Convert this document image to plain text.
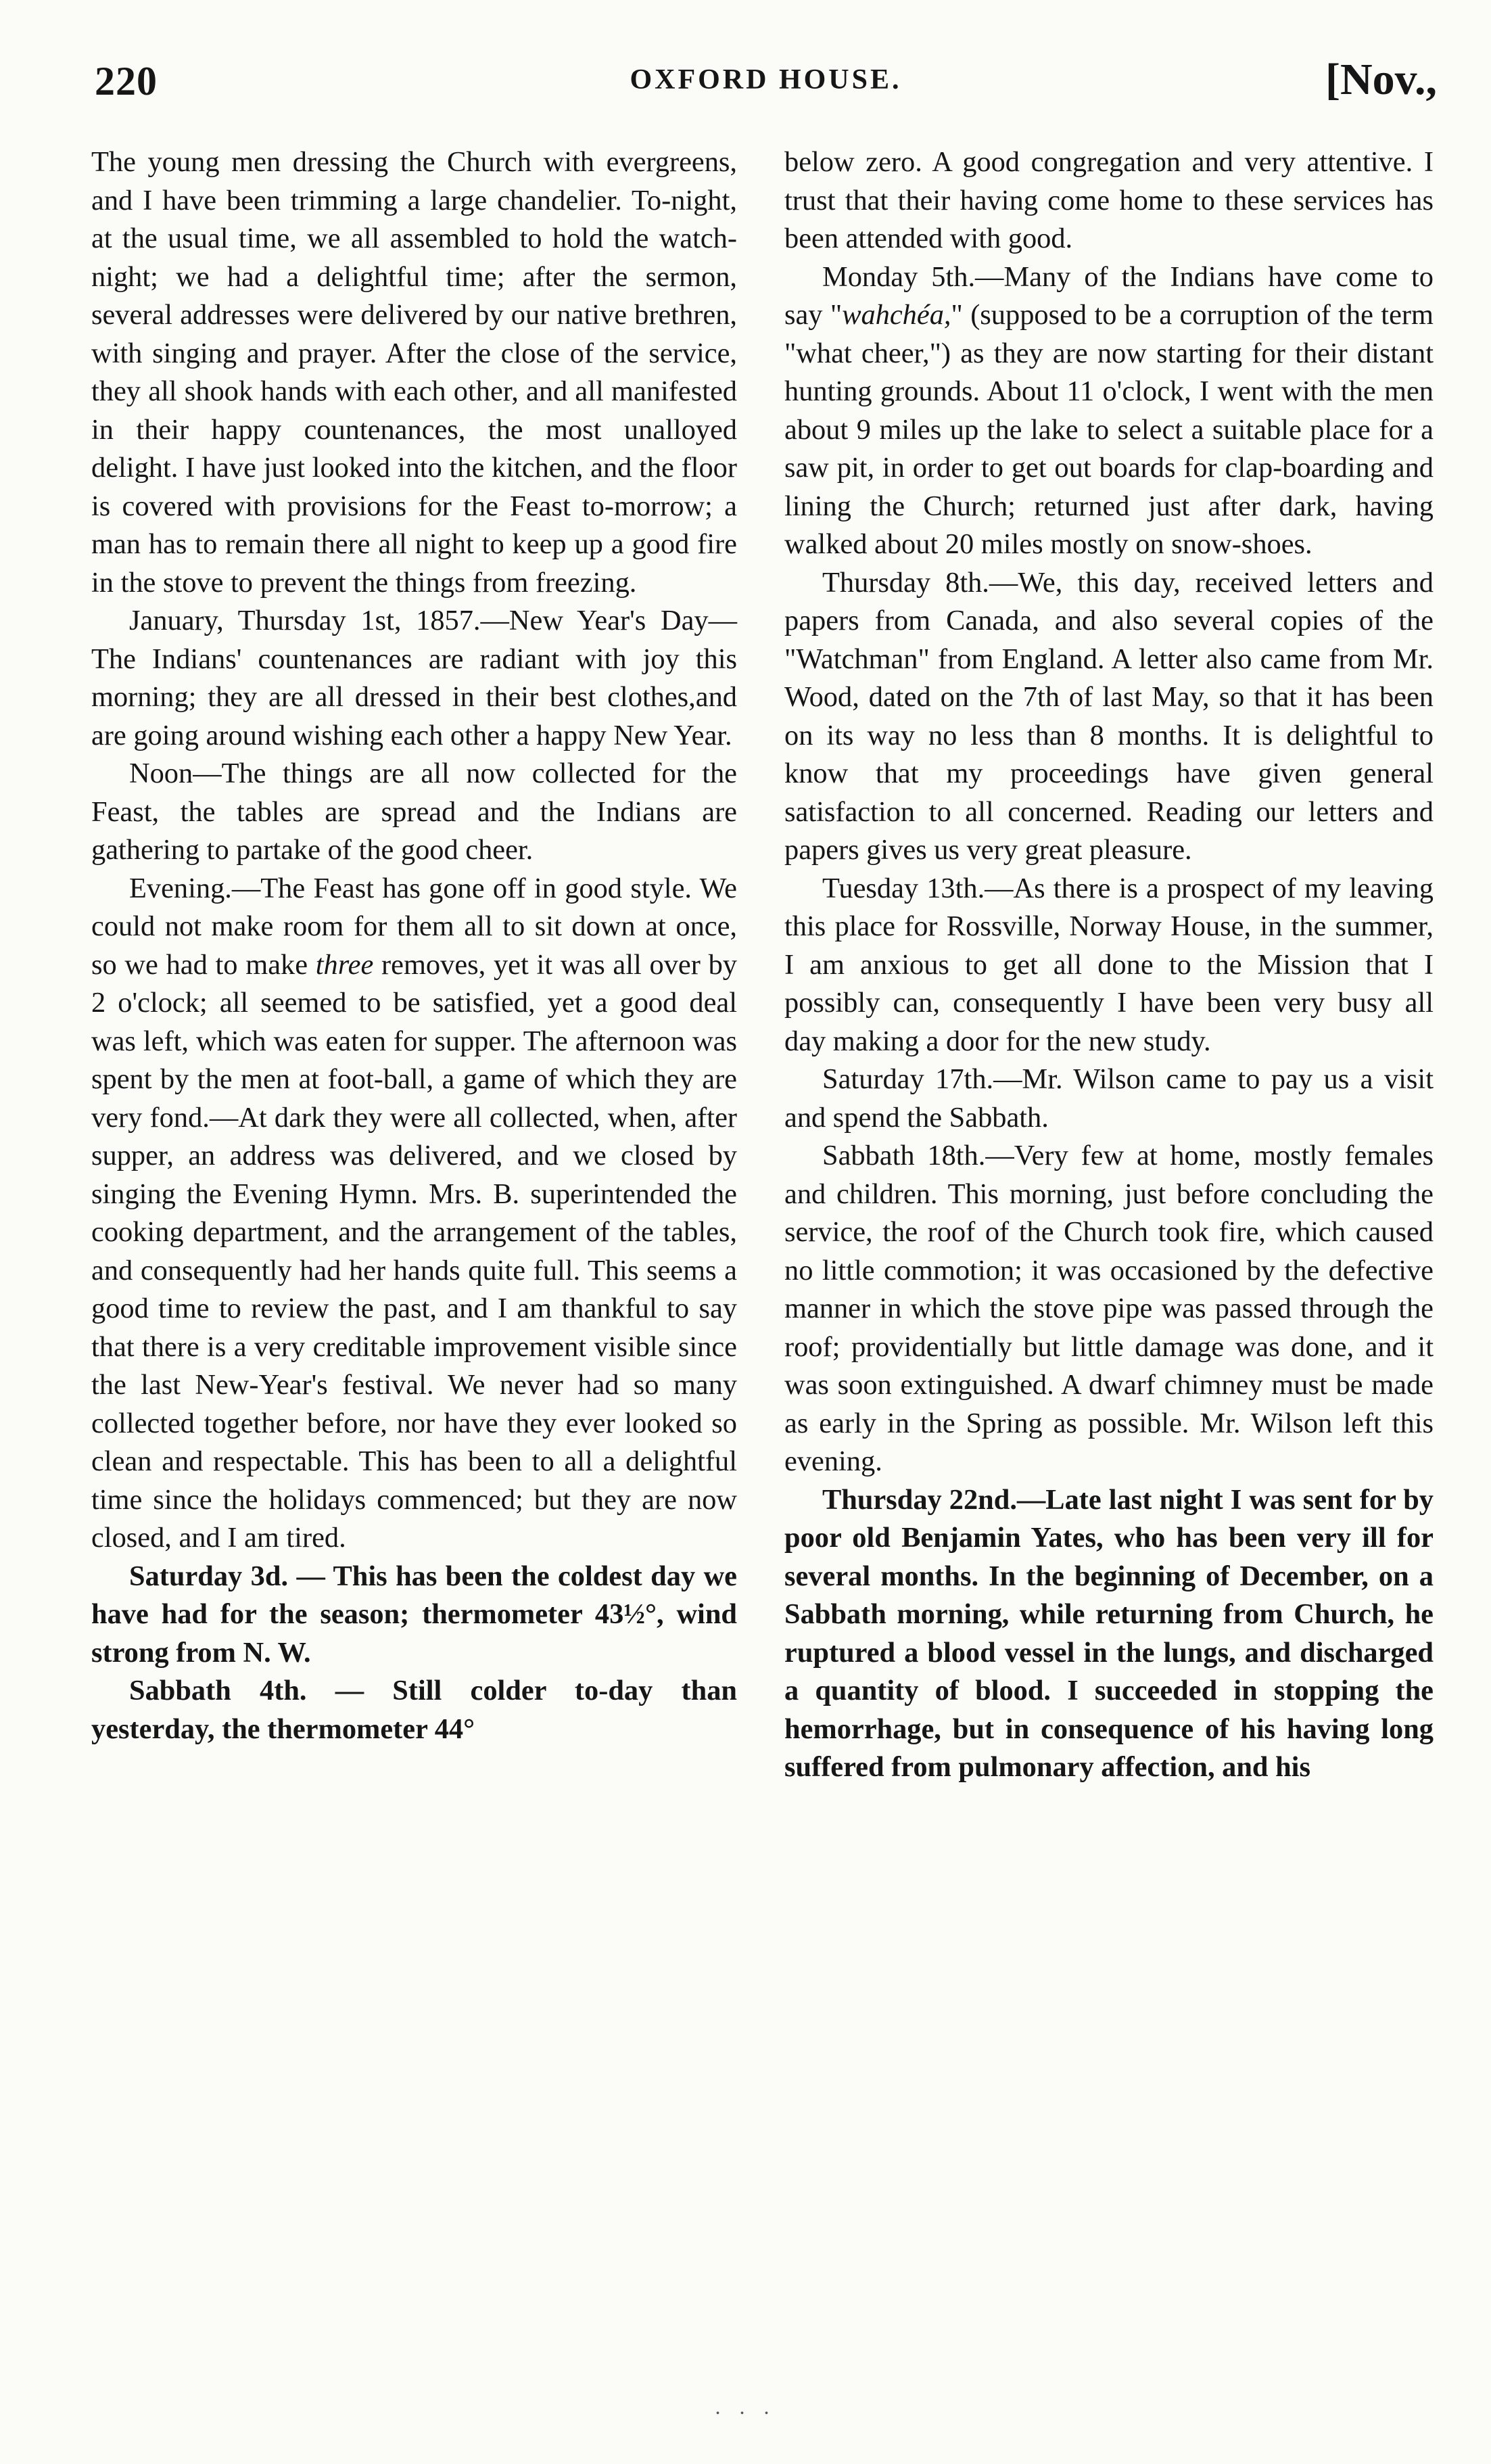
220	OXFORD HOUSE.	[Nov.,

The young men dressing the Church with evergreens, and I have been trimming a large chandelier. To-night, at the usual time, we all assembled to hold the watch-night; we had a delightful time; after the sermon, several addresses were delivered by our native brethren, with singing and prayer. After the close of the service, they all shook hands with each other, and all manifested in their happy countenances, the most unalloyed delight. I have just looked into the kitchen, and the floor is covered with provisions for the Feast to-morrow; a man has to remain there all night to keep up a good fire in the stove to prevent the things from freezing.

January, Thursday 1st, 1857.—New Year's Day—The Indians' countenances are radiant with joy this morning; they are all dressed in their best clothes,and are going around wishing each other a happy New Year.

Noon—The things are all now collected for the Feast, the tables are spread and the Indians are gathering to partake of the good cheer.

Evening.—The Feast has gone off in good style. We could not make room for them all to sit down at once, so we had to make three removes, yet it was all over by 2 o'clock; all seemed to be satisfied, yet a good deal was left, which was eaten for supper. The afternoon was spent by the men at foot-ball, a game of which they are very fond.—At dark they were all collected, when, after supper, an address was delivered, and we closed by singing the Evening Hymn. Mrs. B. superintended the cooking department, and the arrangement of the tables, and consequently had her hands quite full. This seems a good time to review the past, and I am thankful to say that there is a very creditable improvement visible since the last New-Year's festival. We never had so many collected together before, nor have they ever looked so clean and respectable. This has been to all a delightful time since the holidays commenced; but they are now closed, and I am tired.

Saturday 3d. — This has been the coldest day we have had for the season; thermometer 43½°, wind strong from N. W.

Sabbath 4th. — Still colder to-day than yesterday, the thermometer 44°

below zero. A good congregation and very attentive. I trust that their having come home to these services has been attended with good.

Monday 5th.—Many of the Indians have come to say "wahchéa," (supposed to be a corruption of the term "what cheer,") as they are now starting for their distant hunting grounds. About 11 o'clock, I went with the men about 9 miles up the lake to select a suitable place for a saw pit, in order to get out boards for clap-boarding and lining the Church; returned just after dark, having walked about 20 miles mostly on snow-shoes.

Thursday 8th.—We, this day, received letters and papers from Canada, and also several copies of the "Watchman" from England. A letter also came from Mr. Wood, dated on the 7th of last May, so that it has been on its way no less than 8 months. It is delightful to know that my proceedings have given general satisfaction to all concerned. Reading our letters and papers gives us very great pleasure.

Tuesday 13th.—As there is a prospect of my leaving this place for Rossville, Norway House, in the summer, I am anxious to get all done to the Mission that I possibly can, consequently I have been very busy all day making a door for the new study.

Saturday 17th.—Mr. Wilson came to pay us a visit and spend the Sabbath.

Sabbath 18th.—Very few at home, mostly females and children. This morning, just before concluding the service, the roof of the Church took fire, which caused no little commotion; it was occasioned by the defective manner in which the stove pipe was passed through the roof; providentially but little damage was done, and it was soon extinguished. A dwarf chimney must be made as early in the Spring as possible. Mr. Wilson left this evening.

Thursday 22nd.—Late last night I was sent for by poor old Benjamin Yates, who has been very ill for several months. In the beginning of December, on a Sabbath morning, while returning from Church, he ruptured a blood vessel in the lungs, and discharged a quantity of blood. I succeeded in stopping the hemorrhage, but in consequence of his having long suffered from pulmonary affection, and his

. . .
